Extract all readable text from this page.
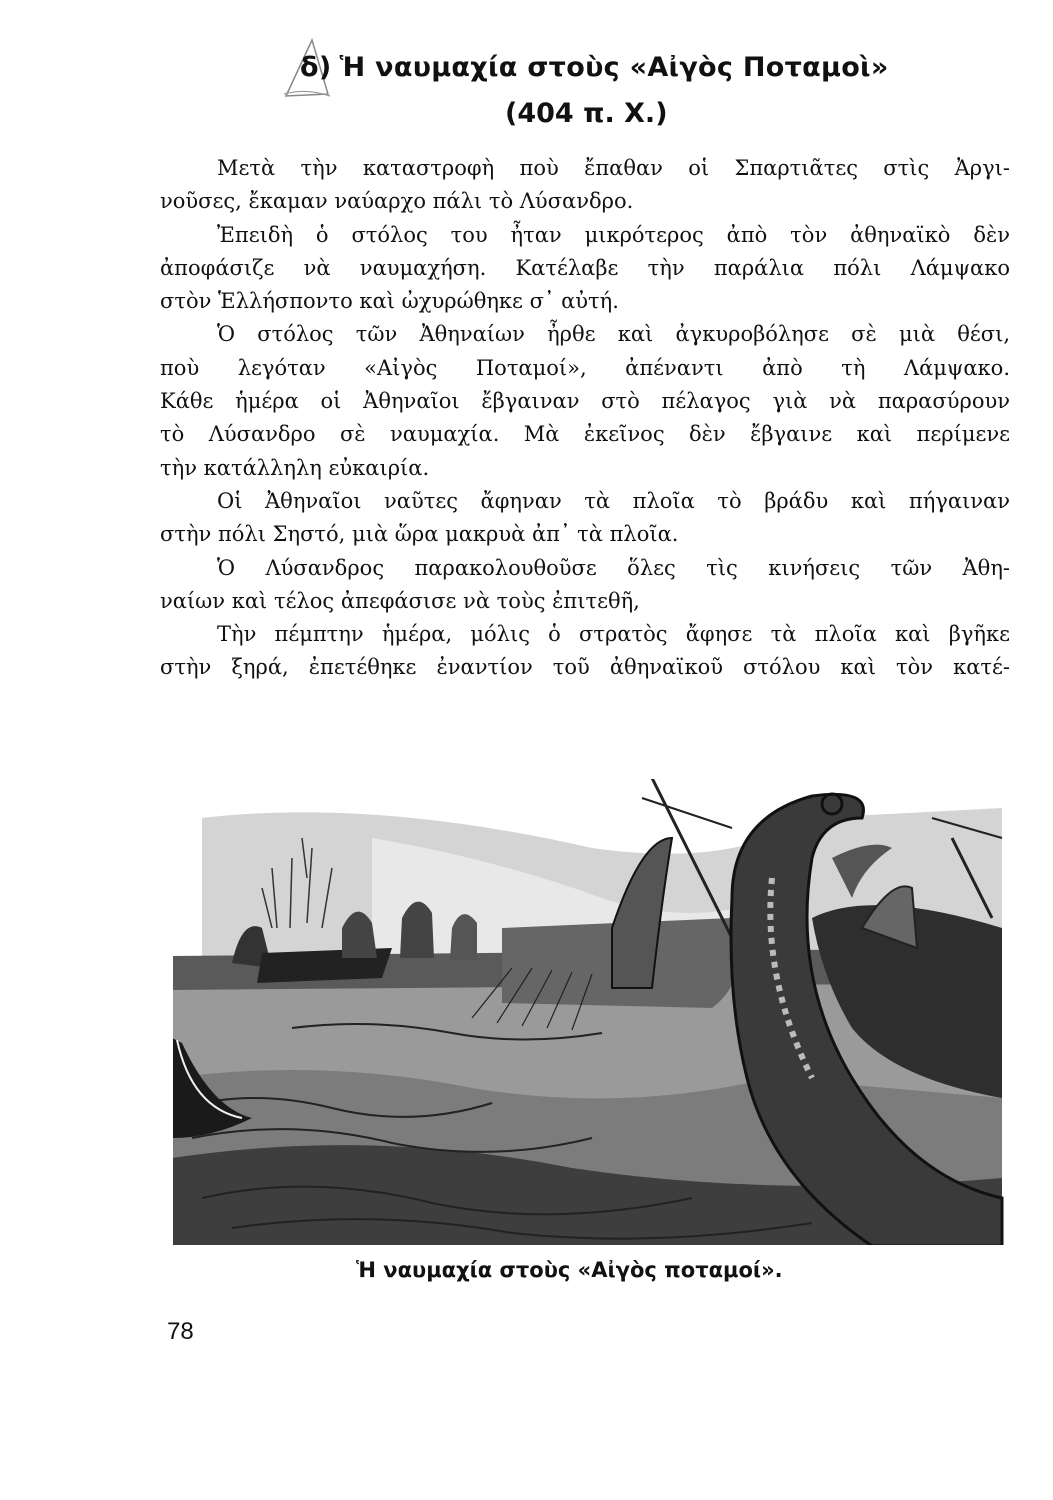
δ) Ἡ ναυμαχία στοὺς «Αἰγὸς Ποταμοὶ»
(404 π. Χ.)
Μετὰ τὴν καταστροφὴ ποὺ ἔπαθαν οἱ Σπαρτιᾶτες στὶς Ἀργι-
νοῦσες, ἔκαμαν ναύαρχο πάλι τὸ Λύσανδρο.
Ἐπειδὴ ὁ στόλος του ἦταν μικρότερος ἀπὸ τὸν ἀθηναϊκὸ δὲν
ἀποφάσιζε νὰ ναυμαχήση. Κατέλαβε τὴν παράλια πόλι Λάμψακο
στὸν Ἑλλήσποντο καὶ ὠχυρώθηκε σ᾽ αὐτή.
Ὁ στόλος τῶν Ἀθηναίων ἦρθε καὶ ἀγκυροβόλησε σὲ μιὰ θέσι,
ποὺ λεγόταν «Αἰγὸς Ποταμοί», ἀπέναντι ἀπὸ τὴ Λάμψακο.
Κάθε ἡμέρα οἱ Ἀθηναῖοι ἔβγαιναν στὸ πέλαγος γιὰ νὰ παρασύρουν
τὸ Λύσανδρο σὲ ναυμαχία. Μὰ ἐκεῖνος δὲν ἔβγαινε καὶ περίμενε
τὴν κατάλληλη εὐκαιρία.
Οἱ Ἀθηναῖοι ναῦτες ἄφηναν τὰ πλοῖα τὸ βράδυ καὶ πήγαιναν
στὴν πόλι Σηστό, μιὰ ὥρα μακρυὰ ἀπ᾽ τὰ πλοῖα.
Ὁ Λύσανδρος παρακολουθοῦσε ὅλες τὶς κινήσεις τῶν Ἀθη-
ναίων καὶ τέλος ἀπεφάσισε νὰ τοὺς ἐπιτεθῆ,
Τὴν πέμπτην ἡμέρα, μόλις ὁ στρατὸς ἄφησε τὰ πλοῖα καὶ βγῆκε
στὴν ξηρά, ἐπετέθηκε ἐναντίον τοῦ ἀθηναϊκοῦ στόλου καὶ τὸν κατέ-
Ἡ ναυμαχία στοὺς «Αἰγὸς ποταμοί».
78
